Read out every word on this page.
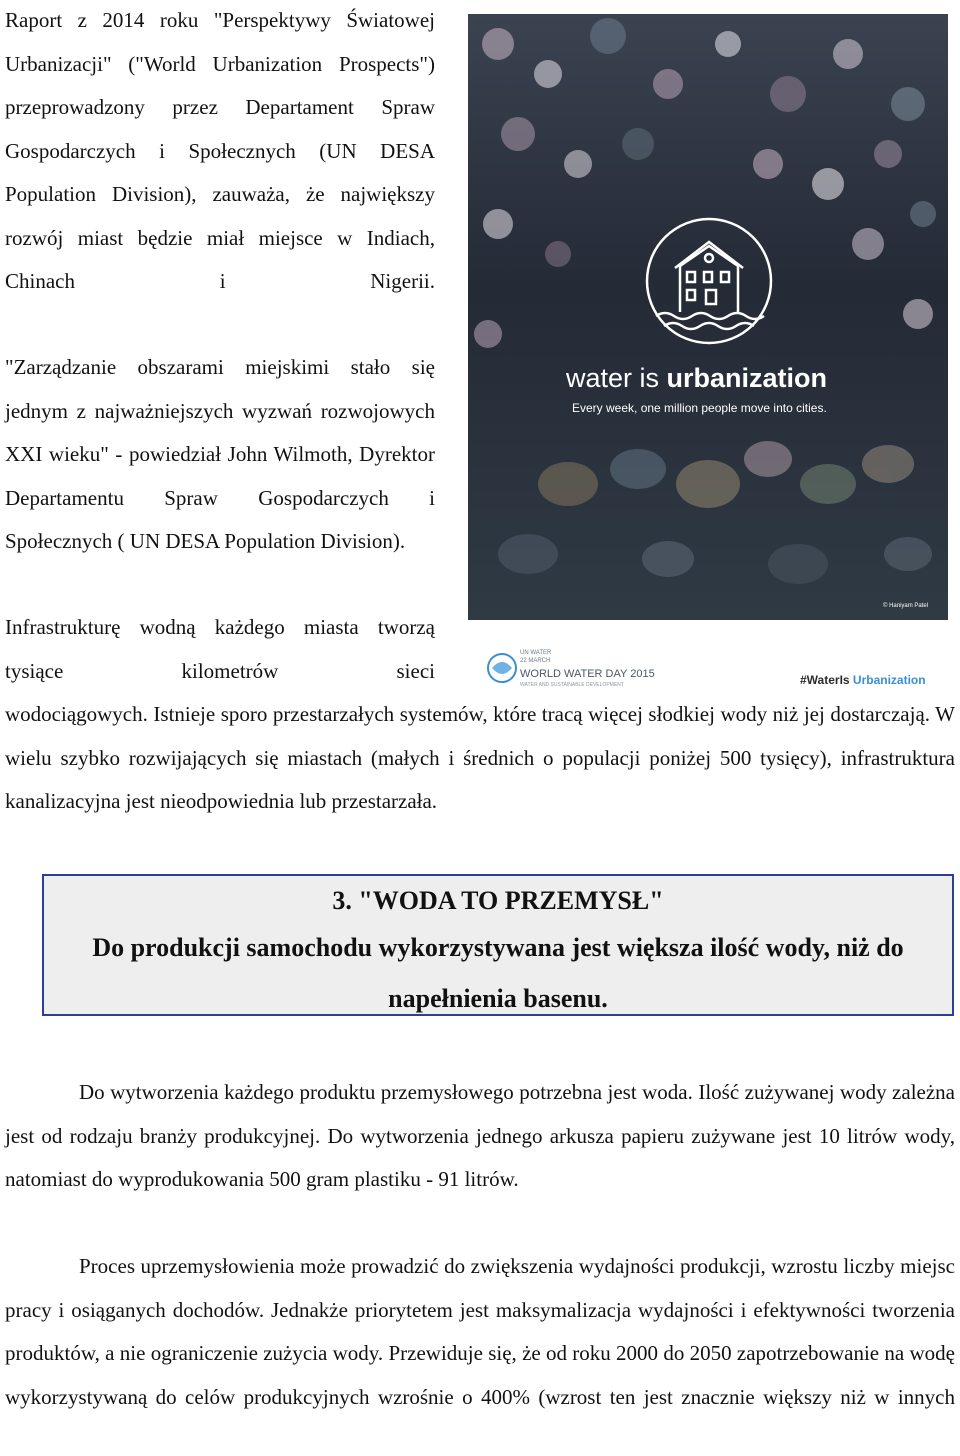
Raport z 2014 roku "Perspektywy Światowej Urbanizacji" ("World Urbanization Prospects") przeprowadzony przez Departament Spraw Gospodarczych i Społecznych (UN DESA Population Division), zauważa, że największy rozwój miast będzie miał miejsce w Indiach, Chinach i Nigerii.

"Zarządzanie obszarami miejskimi stało się jednym z najważniejszych wyzwań rozwojowych XXI wieku" - powiedział John Wilmoth, Dyrektor Departamentu Spraw Gospodarczych i Społecznych ( UN DESA Population Division).

Infrastrukturę wodną każdego miasta tworzą tysiące kilometrów sieci

wodociągowych. Istnieje sporo przestarzałych systemów, które tracą więcej słodkiej wody niż jej dostarczają. W wielu szybko rozwijających się miastach (małych i średnich o populacji poniżej 500 tysięcy), infrastruktura kanalizacyjna jest nieodpowiednia lub przestarzała.

water is urbanization
Every week, one million people move into cities.
© Haniyam Patel
UN WATER
22 MARCH
WORLD WATER DAY 2015
WATER AND SUSTAINABLE DEVELOPMENT	#WaterIs Urbanization

3. "WODA TO PRZEMYSŁ"

Do produkcji samochodu wykorzystywana jest większa ilość wody, niż do napełnienia basenu.

Do wytworzenia każdego produktu przemysłowego potrzebna jest woda. Ilość zużywanej wody zależna jest od rodzaju branży produkcyjnej. Do wytworzenia jednego arkusza papieru zużywane jest 10 litrów wody, natomiast do wyprodukowania 500 gram plastiku - 91 litrów.

Proces uprzemysłowienia może prowadzić do zwiększenia wydajności produkcji, wzrostu liczby miejsc pracy i osiąganych dochodów. Jednakże priorytetem jest maksymalizacja wydajności i efektywności tworzenia produktów, a nie ograniczenie zużycia wody. Przewiduje się, że od roku 2000 do 2050 zapotrzebowanie na wodę wykorzystywaną do celów produkcyjnych wzrośnie o 400% (wzrost ten jest znacznie większy niż w innych
